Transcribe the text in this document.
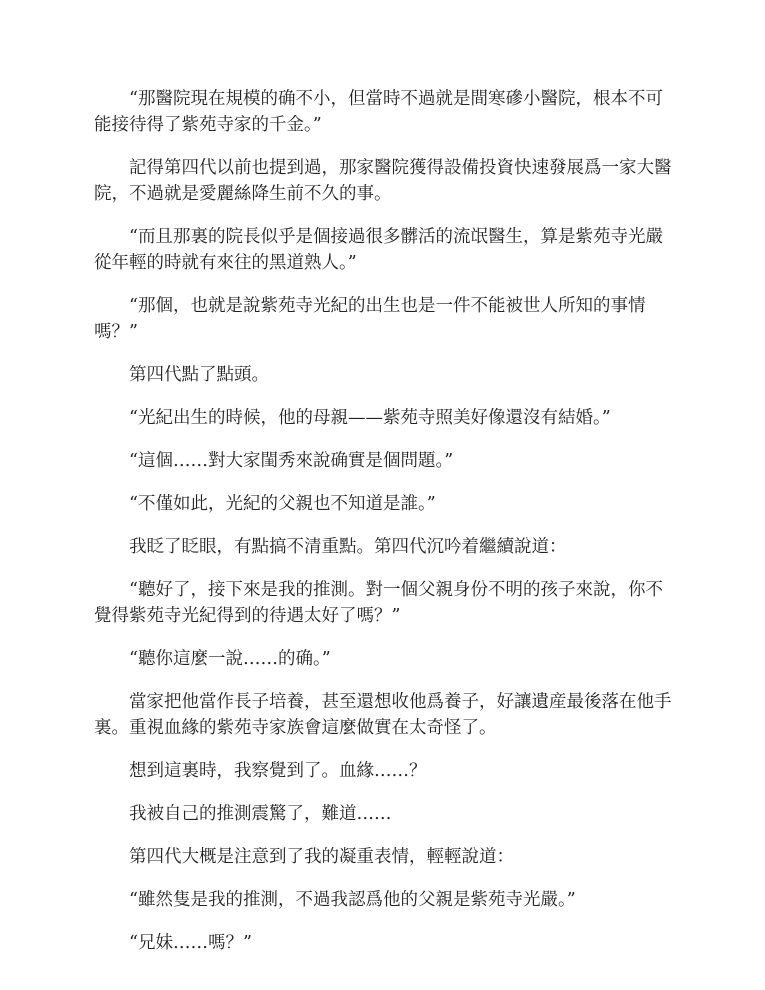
“那醫院現在規模的确不小，但當時不過就是間寒磣小醫院，根本不可能接待得了紫苑寺家的千金。”

記得第四代以前也提到過，那家醫院獲得設備投資快速發展爲一家大醫院，不過就是愛麗絲降生前不久的事。

“而且那裏的院長似乎是個接過很多髒活的流氓醫生，算是紫苑寺光嚴從年輕的時就有來往的黑道熟人。”

“那個，也就是說紫苑寺光紀的出生也是一件不能被世人所知的事情嗎？”

第四代點了點頭。

“光紀出生的時候，他的母親——紫苑寺照美好像還沒有結婚。”

“這個……對大家閨秀來說确實是個問題。”

“不僅如此，光紀的父親也不知道是誰。”

我眨了眨眼，有點搞不清重點。第四代沉吟着繼續說道：

“聽好了，接下來是我的推測。對一個父親身份不明的孩子來說，你不覺得紫苑寺光紀得到的待遇太好了嗎？”

“聽你這麼一說……的确。”

當家把他當作長子培養，甚至還想收他爲養子，好讓遺産最後落在他手裏。重視血緣的紫苑寺家族會這麼做實在太奇怪了。

想到這裏時，我察覺到了。血緣……？

我被自己的推測震驚了，難道……

第四代大概是注意到了我的凝重表情，輕輕說道：

“雖然隻是我的推測，不過我認爲他的父親是紫苑寺光嚴。”

“兄妹……嗎？”
